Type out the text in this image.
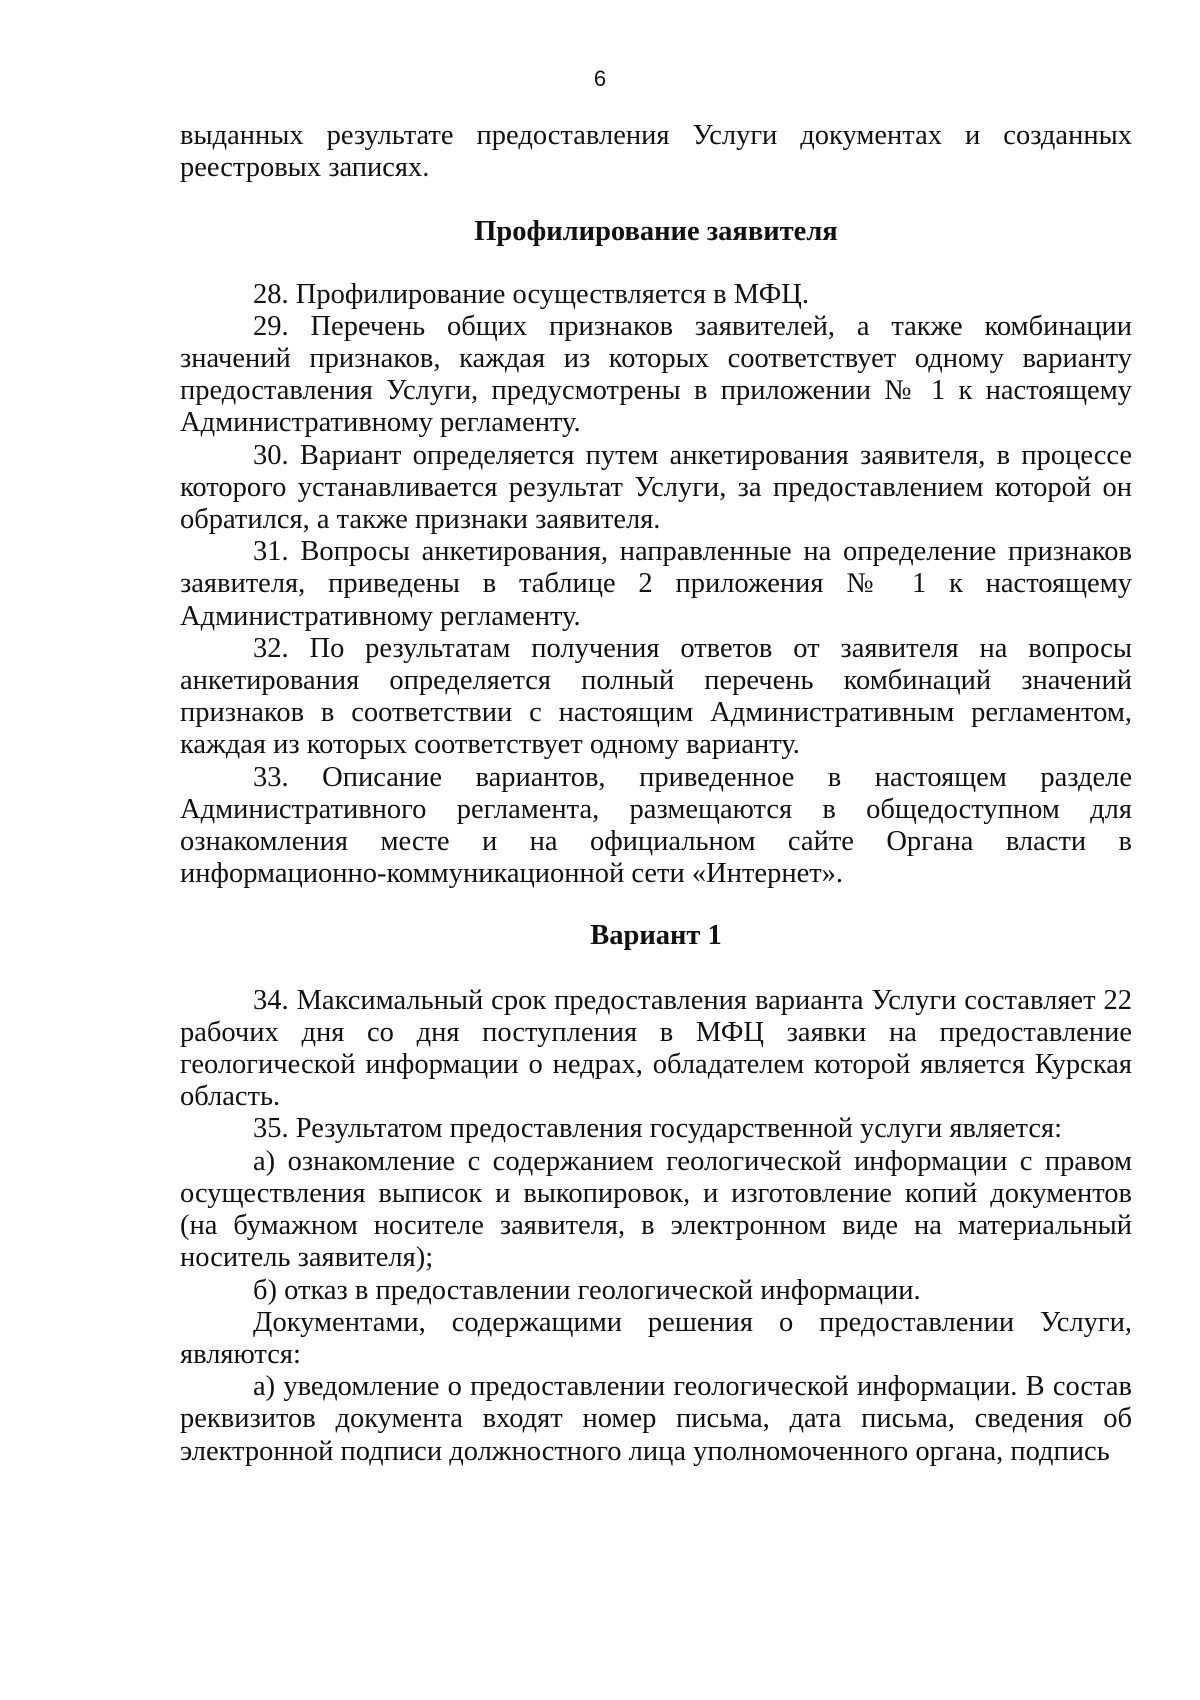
6

выданных результате предоставления Услуги документах и созданных реестровых записях.

Профилирование заявителя

28. Профилирование осуществляется в МФЦ.

29. Перечень общих признаков заявителей, а также комбинации значений признаков, каждая из которых соответствует одному варианту предоставления Услуги, предусмотрены в приложении № 1 к настоящему Административному регламенту.

30. Вариант определяется путем анкетирования заявителя, в процессе которого устанавливается результат Услуги, за предоставлением которой он обратился, а также признаки заявителя.

31. Вопросы анкетирования, направленные на определение признаков заявителя, приведены в таблице 2 приложения № 1 к настоящему Административному регламенту.

32. По результатам получения ответов от заявителя на вопросы анкетирования определяется полный перечень комбинаций значений признаков в соответствии с настоящим Административным регламентом, каждая из которых соответствует одному варианту.

33. Описание вариантов, приведенное в настоящем разделе Административного регламента, размещаются в общедоступном для ознакомления месте и на официальном сайте Органа власти в информационно-коммуникационной сети «Интернет».

Вариант 1

34. Максимальный срок предоставления варианта Услуги составляет 22 рабочих дня со дня поступления в МФЦ заявки на предоставление геологической информации о недрах, обладателем которой является Курская область.

35. Результатом предоставления государственной услуги является:

а) ознакомление с содержанием геологической информации с правом осуществления выписок и выкопировок, и изготовление копий документов (на бумажном носителе заявителя, в электронном виде на материальный носитель заявителя);

б) отказ в предоставлении геологической информации.

Документами, содержащими решения о предоставлении Услуги, являются:

а) уведомление о предоставлении геологической информации. В состав реквизитов документа входят номер письма, дата письма, сведения об электронной подписи должностного лица уполномоченного органа, подпись
